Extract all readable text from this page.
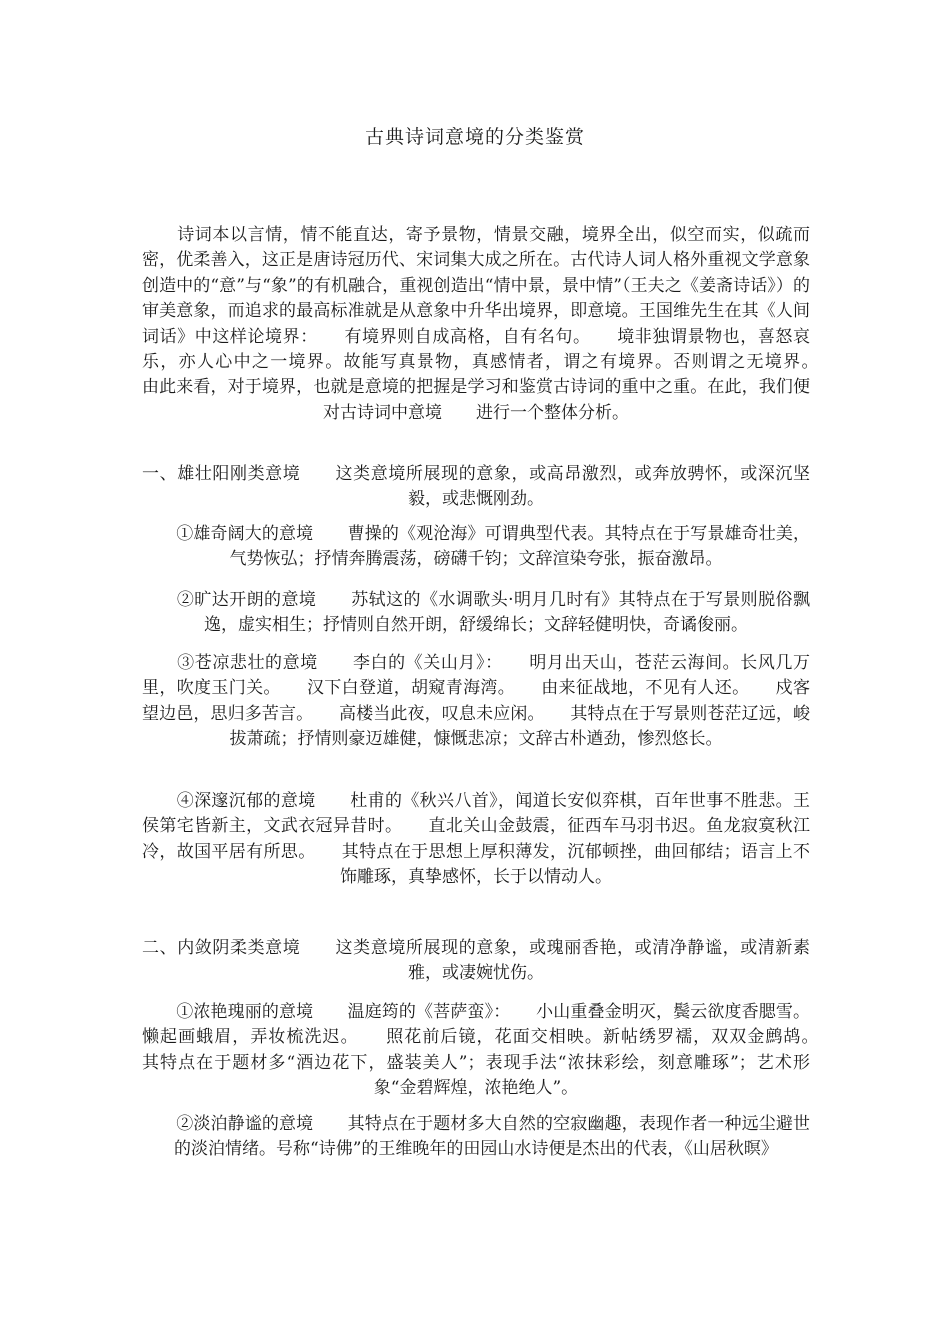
古典诗词意境的分类鉴赏

　　诗词本以言情，情不能直达，寄予景物，情景交融，境界全出，似空而实，似疏而密，优柔善入，这正是唐诗冠历代、宋词集大成之所在。古代诗人词人格外重视文学意象创造中的“意”与“象”的有机融合，重视创造出“情中景，景中情”（王夫之《姜斋诗话》）的审美意象，而追求的最高标准就是从意象中升华出境界，即意境。王国维先生在其《人间词话》中这样论境界：　　有境界则自成高格，自有名句。　　境非独谓景物也，喜怒哀乐，亦人心中之一境界。故能写真景物，真感情者，谓之有境界。否则谓之无境界。　　由此来看，对于境界，也就是意境的把握是学习和鉴赏古诗词的重中之重。在此，我们便对古诗词中意境　　进行一个整体分析。

一、雄壮阳刚类意境　　这类意境所展现的意象，或高昂激烈，或奔放骋怀，或深沉坚毅，或悲慨刚劲。

　　①雄奇阔大的意境　　曹操的《观沧海》可谓典型代表。其特点在于写景雄奇壮美，气势恢弘；抒情奔腾震荡，磅礴千钧；文辞渲染夸张，振奋激昂。

　　②旷达开朗的意境　　苏轼这的《水调歌头·明月几时有》其特点在于写景则脱俗飘逸，虚实相生；抒情则自然开朗，舒缓绵长；文辞轻健明快，奇谲俊丽。

　　③苍凉悲壮的意境　　李白的《关山月》：　　明月出天山，苍茫云海间。长风几万里，吹度玉门关。　　汉下白登道，胡窥青海湾。　　由来征战地，不见有人还。　　戍客望边邑，思归多苦言。　　高楼当此夜，叹息未应闲。　　其特点在于写景则苍茫辽远，峻拔萧疏；抒情则豪迈雄健，慷慨悲凉；文辞古朴遒劲，惨烈悠长。

　　④深邃沉郁的意境　　杜甫的《秋兴八首》，闻道长安似弈棋，百年世事不胜悲。王侯第宅皆新主，文武衣冠异昔时。　　直北关山金鼓震，征西车马羽书迟。鱼龙寂寞秋江冷，故国平居有所思。　　其特点在于思想上厚积薄发，沉郁顿挫，曲回郁结；语言上不饰雕琢，真挚感怀，长于以情动人。

二、内敛阴柔类意境　　这类意境所展现的意象，或瑰丽香艳，或清净静谧，或清新素雅，或凄婉忧伤。

　　①浓艳瑰丽的意境　　温庭筠的《菩萨蛮》：　　小山重叠金明灭，鬓云欲度香腮雪。懒起画蛾眉，弄妆梳洗迟。　　照花前后镜，花面交相映。新帖绣罗襦，双双金鹧鸪。　　其特点在于题材多“酒边花下，盛装美人”；表现手法“浓抹彩绘，刻意雕琢”；艺术形象“金碧辉煌，浓艳绝人”。

　　②淡泊静谧的意境　　其特点在于题材多大自然的空寂幽趣，表现作者一种远尘避世的淡泊情绪。号称“诗佛”的王维晚年的田园山水诗便是杰出的代表，《山居秋暝》
